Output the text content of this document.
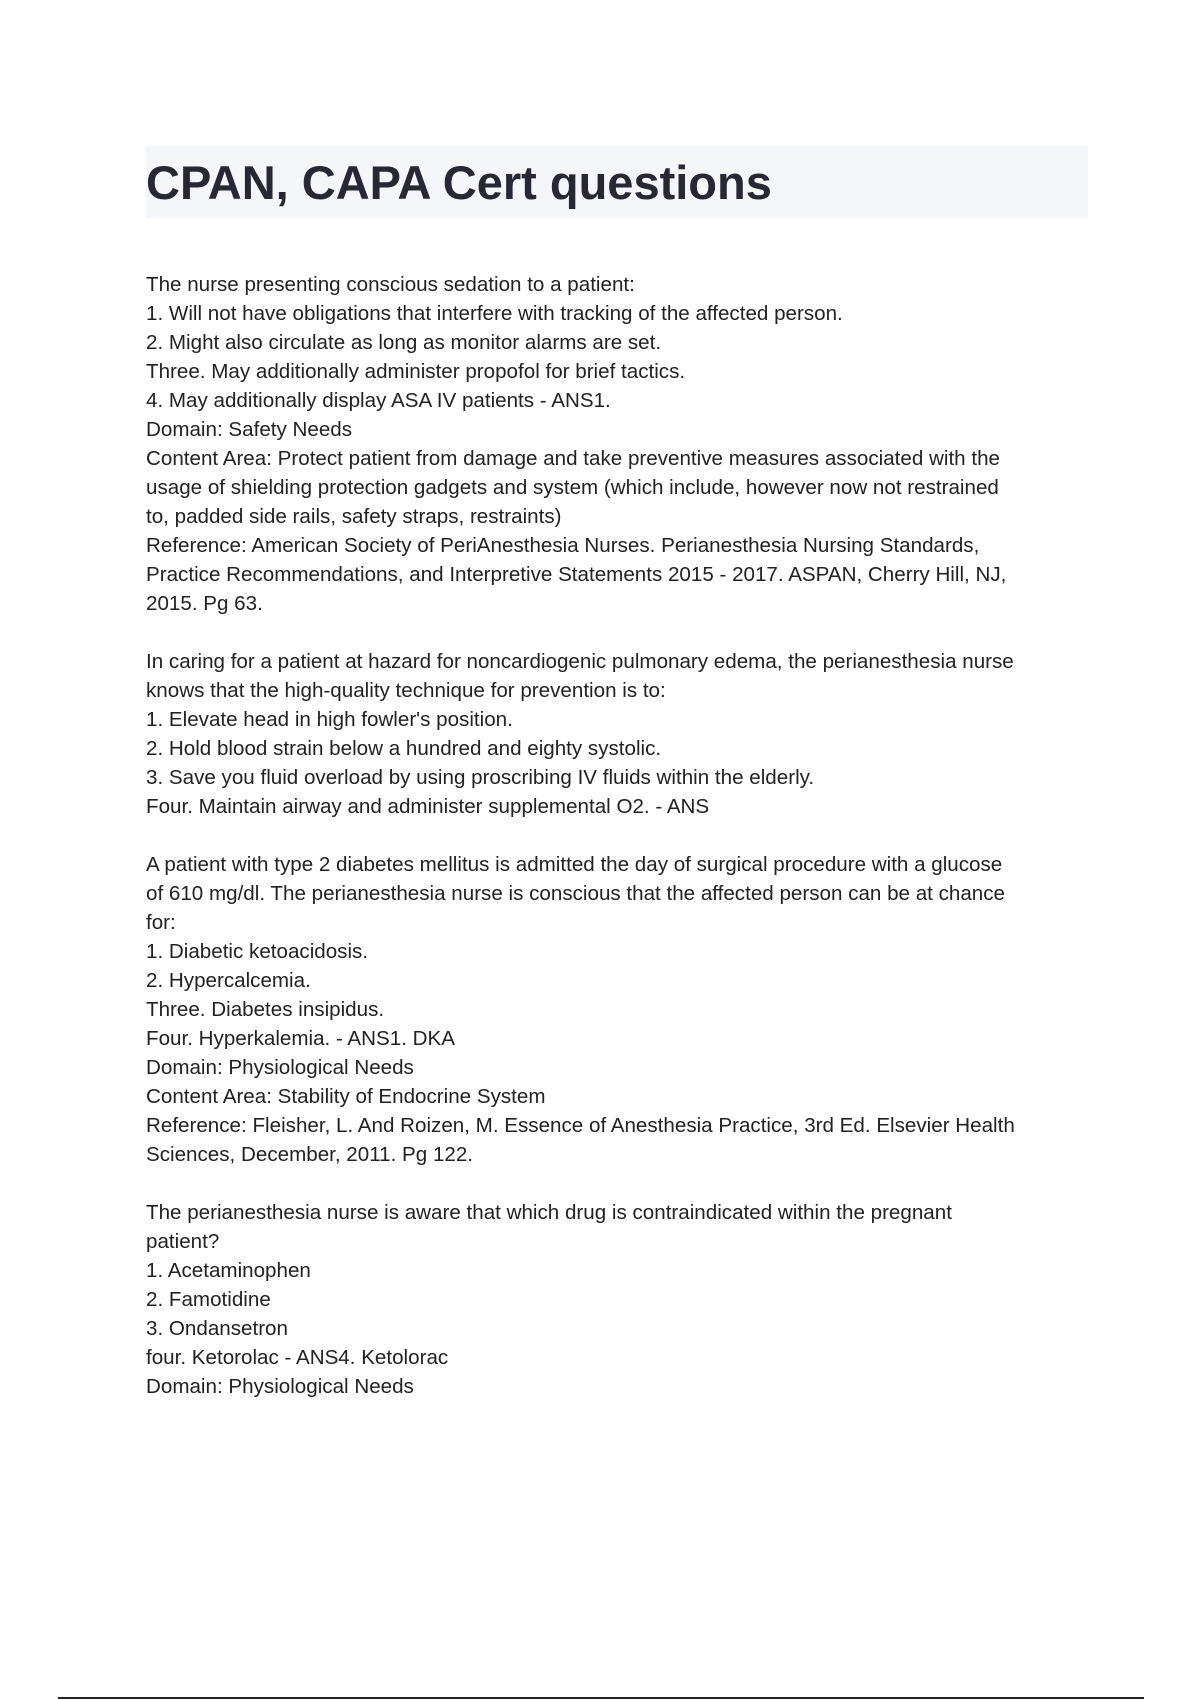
CPAN, CAPA Cert questions

The nurse presenting conscious sedation to a patient:

1. Will not have obligations that interfere with tracking of the affected person.

2. Might also circulate as long as monitor alarms are set.

Three. May additionally administer propofol for brief tactics.

4. May additionally display ASA IV patients - ANS1.

Domain: Safety Needs

Content Area: Protect patient from damage and take preventive measures associated with the

usage of shielding protection gadgets and system (which include, however now not restrained

to, padded side rails, safety straps, restraints)

Reference: American Society of PeriAnesthesia Nurses. Perianesthesia Nursing Standards,

Practice Recommendations, and Interpretive Statements 2015 - 2017. ASPAN, Cherry Hill, NJ,

2015. Pg 63.

In caring for a patient at hazard for noncardiogenic pulmonary edema, the perianesthesia nurse

knows that the high-quality technique for prevention is to:

1. Elevate head in high fowler's position.

2. Hold blood strain below a hundred and eighty systolic.

3. Save you fluid overload by using proscribing IV fluids within the elderly.

Four. Maintain airway and administer supplemental O2. - ANS

A patient with type 2 diabetes mellitus is admitted the day of surgical procedure with a glucose

of 610 mg/dl. The perianesthesia nurse is conscious that the affected person can be at chance

for:

1. Diabetic ketoacidosis.

2. Hypercalcemia.

Three. Diabetes insipidus.

Four. Hyperkalemia. - ANS1. DKA

Domain: Physiological Needs

Content Area: Stability of Endocrine System

Reference: Fleisher, L. And Roizen, M. Essence of Anesthesia Practice, 3rd Ed. Elsevier Health

Sciences, December, 2011. Pg 122.

The perianesthesia nurse is aware that which drug is contraindicated within the pregnant

patient?

1. Acetaminophen

2. Famotidine

3. Ondansetron

four. Ketorolac - ANS4. Ketolorac

Domain: Physiological Needs
